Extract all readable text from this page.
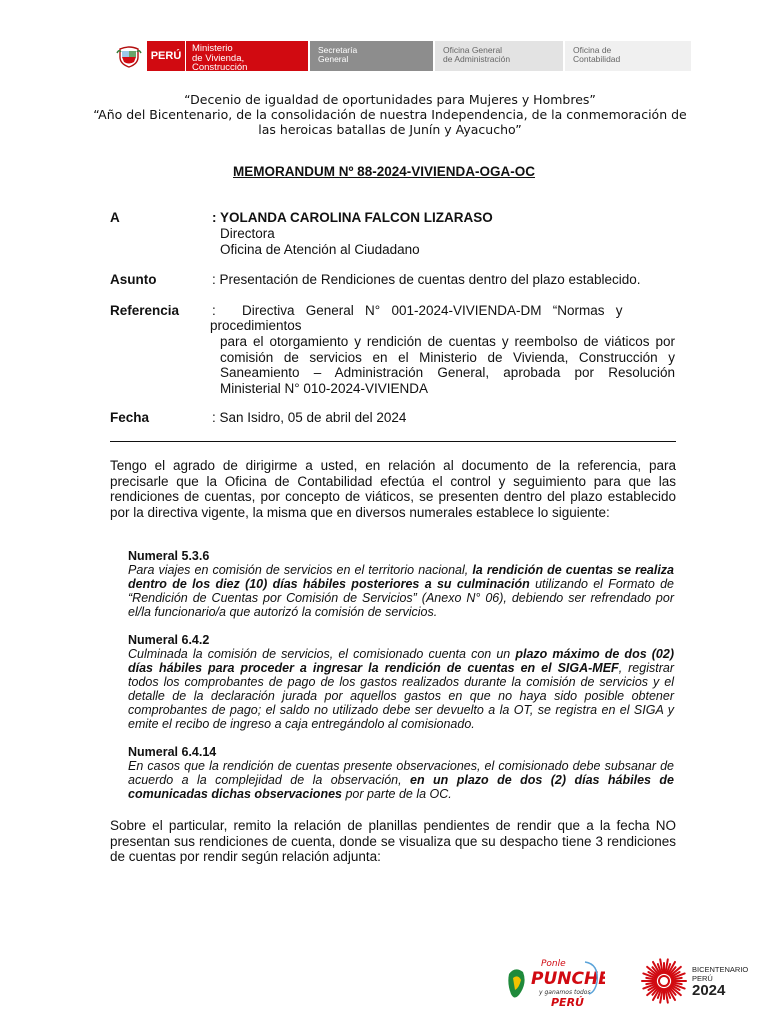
PERÚ
Ministerio
de Vivienda, Construcción
y Saneamiento
Secretaría
General
Oficina General
de Administración
Oficina de
Contabilidad
“Decenio de igualdad de oportunidades para Mujeres y Hombres”
“Año del Bicentenario, de la consolidación de nuestra Independencia, de la conmemoración de
las heroicas batallas de Junín y Ayacucho”
MEMORANDUM Nº 88-2024-VIVIENDA-OGA-OC
A	: YOLANDA CAROLINA FALCON LIZARASO
Directora
Oficina de Atención al Ciudadano
Asunto	: Presentación de Rendiciones de cuentas dentro del plazo establecido.
Referencia :       Directiva   General   N°   001-2024-VIVIENDA-DM   “Normas   y
procedimientos
para el otorgamiento y rendición de cuentas y reembolso de viáticos por comisión de servicios en el Ministerio de Vivienda, Construcción y Saneamiento – Administración General, aprobada por Resolución Ministerial N° 010-2024-VIVIENDA
Fecha	: San Isidro, 05 de abril del 2024
Tengo el agrado de dirigirme a usted, en relación al documento de la referencia, para precisarle que la Oficina de Contabilidad efectúa el control y seguimiento para que las rendiciones de cuentas, por concepto de viáticos, se presenten dentro del plazo establecido por la directiva vigente, la misma que en diversos numerales establece lo siguiente:
Numeral 5.3.6
Para viajes en comisión de servicios en el territorio nacional, la rendición de cuentas se realiza dentro de los diez (10) días hábiles posteriores a su culminación utilizando el Formato de “Rendición de Cuentas por Comisión de Servicios” (Anexo N° 06), debiendo ser refrendado por el/la funcionario/a que autorizó la comisión de servicios.
Numeral 6.4.2
Culminada la comisión de servicios, el comisionado cuenta con un plazo máximo de dos (02) días hábiles para proceder a ingresar la rendición de cuentas en el SIGA-MEF, registrar todos los comprobantes de pago de los gastos realizados durante la comisión de servicios y el detalle de la declaración jurada por aquellos gastos en que no haya sido posible obtener comprobantes de pago; el saldo no utilizado debe ser devuelto a la OT, se registra en el SIGA y emite el recibo de ingreso a caja entregándolo al comisionado.
Numeral 6.4.14
En casos que la rendición de cuentas presente observaciones, el comisionado debe subsanar de acuerdo a la complejidad de la observación, en un plazo de dos (2) días hábiles de comunicadas dichas observaciones por parte de la OC.
Sobre el particular, remito la relación de planillas pendientes de rendir que a la fecha NO presentan sus rendiciones de cuenta, donde se visualiza que su despacho tiene 3 rendiciones de cuentas por rendir según relación adjunta:
Ponle
PUNCHE
y ganamos todos
PERÚ
BICENTENARIO
PERÚ
2024
